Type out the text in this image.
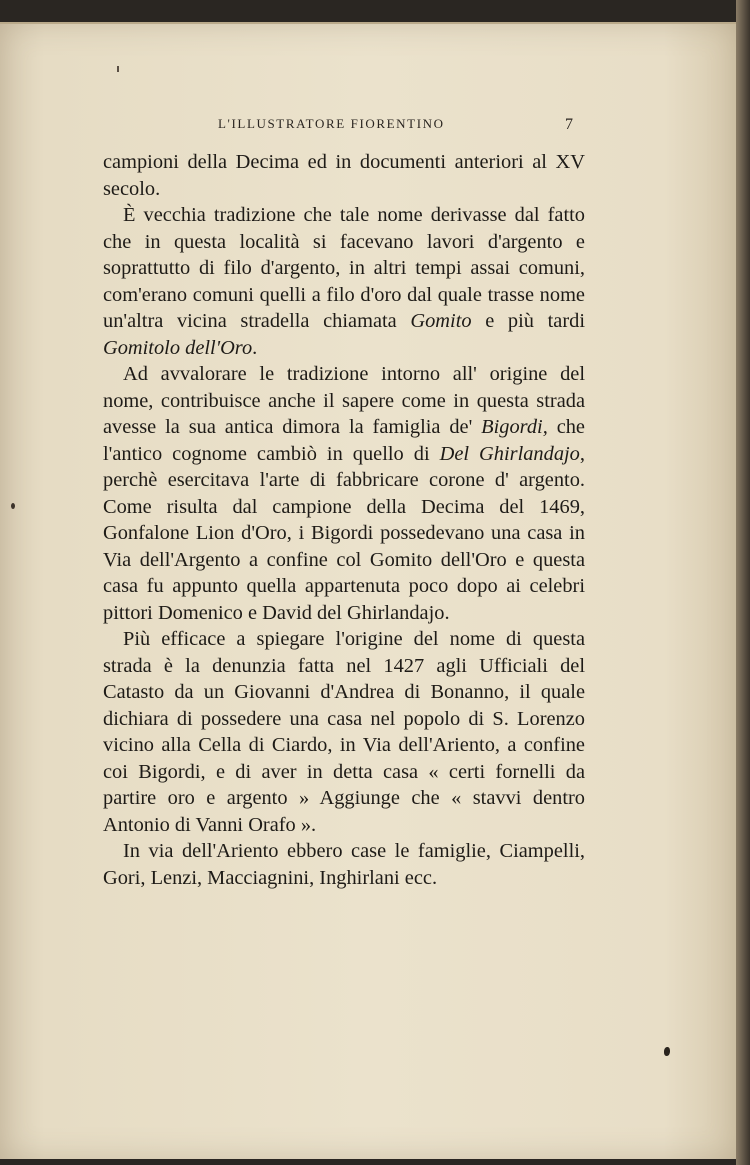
L'ILLUSTRATORE FIORENTINO	7

campioni della Decima ed in documenti anteriori al XV secolo.

È vecchia tradizione che tale nome derivasse dal fatto che in questa località si facevano lavori d'argento e soprattutto di filo d'argento, in altri tempi assai comuni, com'erano comuni quelli a filo d'oro dal quale trasse nome un'altra vicina stradella chiamata Gomito e più tardi Gomitolo dell'Oro.

Ad avvalorare le tradizione intorno all' origine del nome, contribuisce anche il sapere come in questa strada avesse la sua antica dimora la famiglia de' Bigordi, che l'antico cognome cambiò in quello di Del Ghirlandajo, perchè esercitava l'arte di fabbricare corone d' argento. Come risulta dal campione della Decima del 1469, Gonfalone Lion d'Oro, i Bigordi possedevano una casa in Via dell'Argento a confine col Gomito dell'Oro e questa casa fu appunto quella appartenuta poco dopo ai celebri pittori Domenico e David del Ghirlandajo.

Più efficace a spiegare l'origine del nome di questa strada è la denunzia fatta nel 1427 agli Ufficiali del Catasto da un Giovanni d'Andrea di Bonanno, il quale dichiara di possedere una casa nel popolo di S. Lorenzo vicino alla Cella di Ciardo, in Via dell'Ariento, a confine coi Bigordi, e di aver in detta casa « certi fornelli da partire oro e argento » Aggiunge che « stavvi dentro Antonio di Vanni Orafo ».

In via dell'Ariento ebbero case le famiglie, Ciampelli, Gori, Lenzi, Macciagnini, Inghirlani ecc.
